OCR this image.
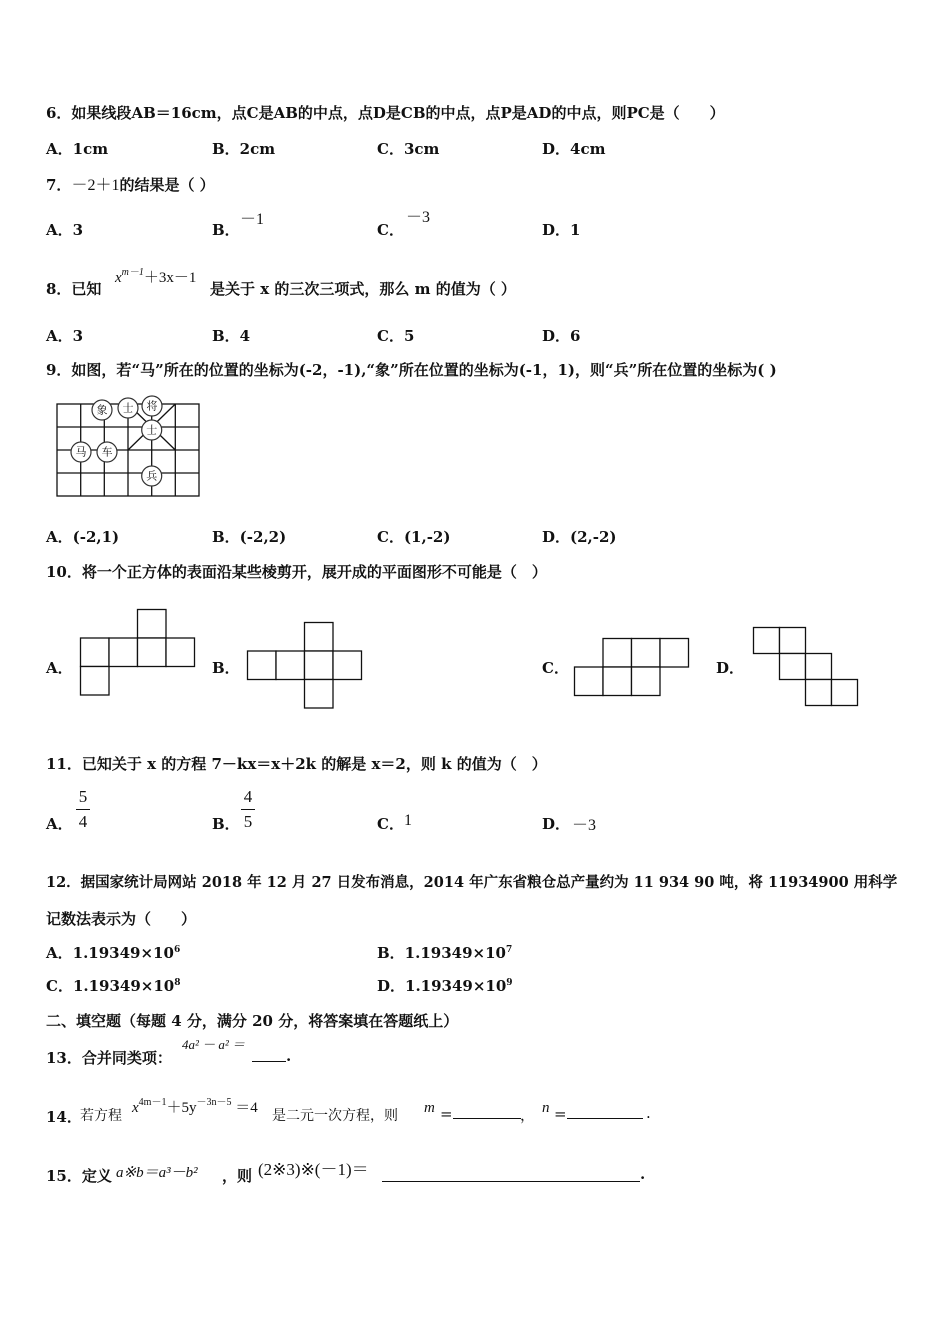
6．如果线段AB＝16cm，点C是AB的中点，点D是CB的中点，点P是AD的中点，则PC是（　　）
A．1cm	B．2cm	C．3cm	D．4cm
7．－2＋1的结果是（ ）
A．3	B．
－1
C．
－3
D．1
8．已知
$x^{m-1}+3x-1$
是关于 x 的三次三项式，那么 m 的值为（ ）
A．3	B．4	C．5	D．6
9．如图，若“马”所在的位置的坐标为(-2，-1),“象”所在位置的坐标为(-1，1)，则“兵”所在位置的坐标为( )
象 士 将
士
马 车
兵
A．(-2,1)	B．(-2,2)	C．(1,-2)	D．(2,-2)
10．将一个正方体的表面沿某些棱剪开，展开成的平面图形不可能是（　）
A．	B．	C．	D．
11．已知关于 x 的方程 7－kx＝x＋2k 的解是 x＝2，则 k 的值为（　）
A．
5
4	B．
4
5	C． 1	D． －3
12．据国家统计局网站 2018 年 12 月 27 日发布消息，2014 年广东省粮仓总产量约为 11 934 90 吨，将 11934900 用科学
记数法表示为（　　）
A．$1.19349\times 10^6$	B．$1.19349\times 10^7$
C．$1.19349\times 10^8$	D．$1.19349\times 10^9$
二、填空题（每题 4 分，满分 20 分，将答案填在答题纸上）
13．合并同类项：
4a² － a² ＝
.
14．
若方程 $x^{4m-1}+5y^{-3n-5} =4$ 是二元一次方程，则 m =	， n =	.
15．定义 a※b＝a³－b² ，则 (2※3)※(－1)＝	.
